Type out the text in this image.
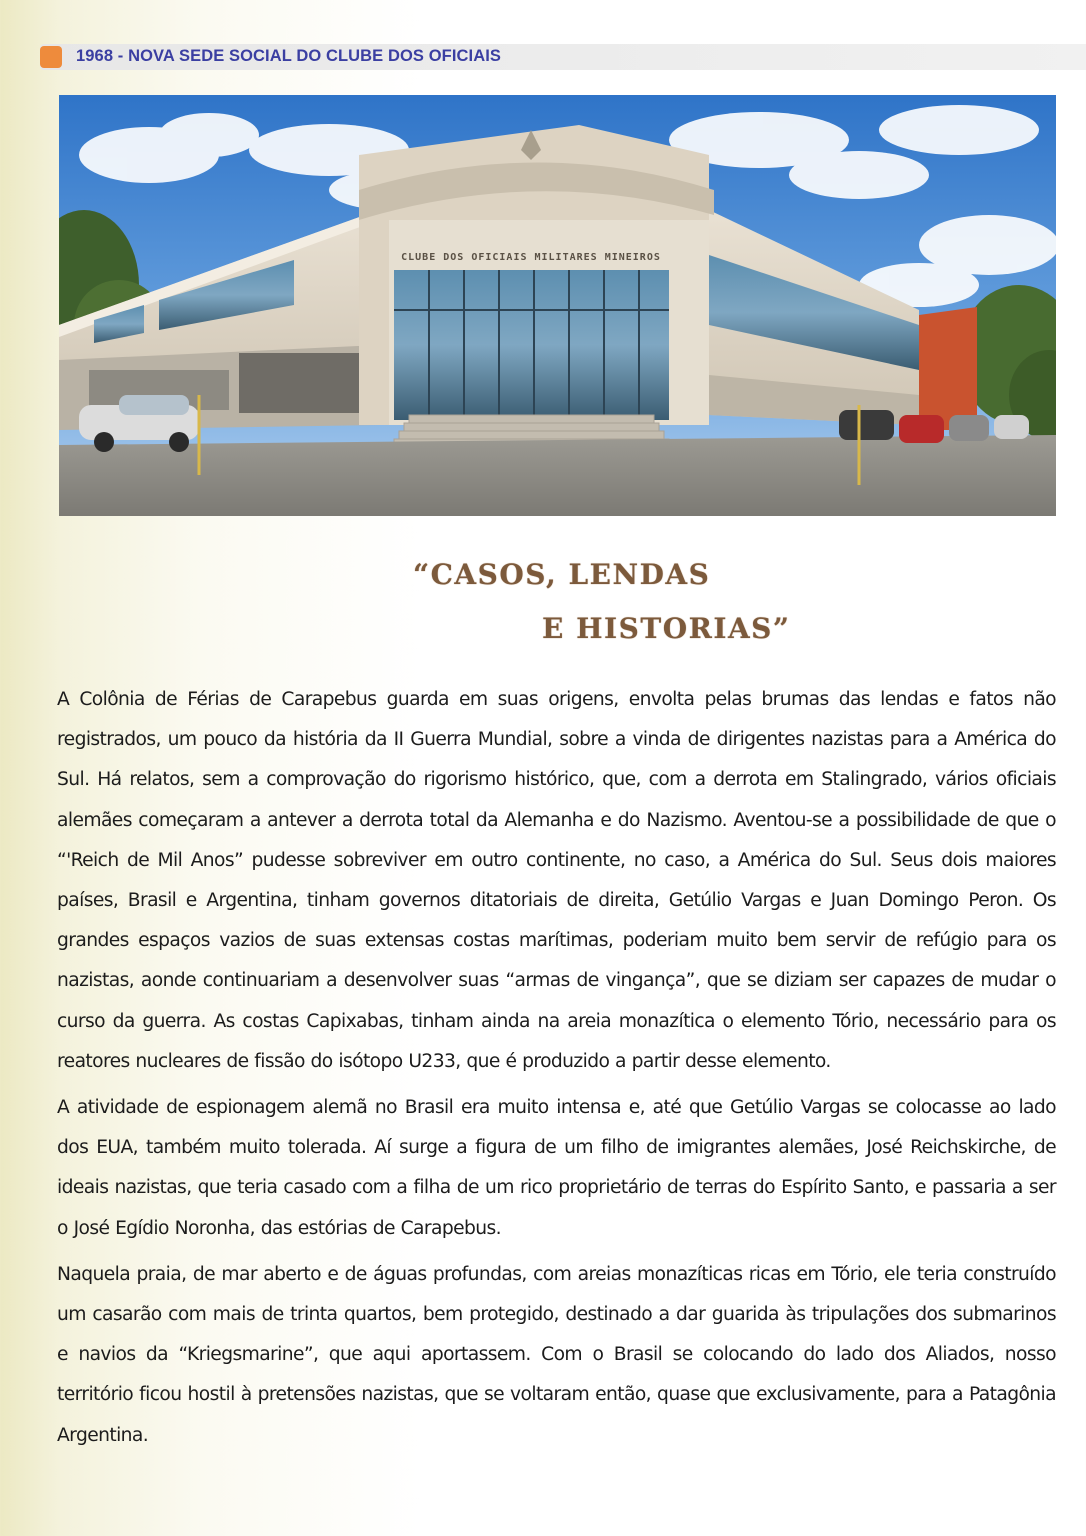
1968 - NOVA SEDE SOCIAL DO CLUBE DOS OFICIAIS
CLUBE DOS OFICIAIS MILITARES MINEIROS
“CASOS, LENDAS
E HISTORIAS”

A Colônia de Férias de Carapebus guarda em suas origens, envolta pelas brumas das lendas e fatos não registrados, um pouco da história da II Guerra Mundial, sobre a vinda de dirigentes nazistas para a América do Sul. Há relatos, sem a comprovação do rigorismo histórico, que, com a derrota em Stalingrado, vários oficiais alemães começaram a antever a derrota total da Alemanha e do Nazismo. Aventou-se a possibilidade de que o “'Reich de Mil Anos” pudesse sobreviver em outro continente, no caso, a América do Sul. Seus dois maiores países, Brasil e Argentina, tinham governos ditatoriais de direita, Getúlio Vargas e Juan Domingo Peron. Os grandes espaços vazios de suas extensas costas marítimas, poderiam muito bem servir de refúgio para os nazistas, aonde continuariam a desenvolver suas “armas de vingança”, que se diziam ser capazes de mudar o curso da guerra. As costas Capixabas, tinham ainda na areia monazítica o elemento Tório, necessário para os reatores nucleares de fissão do isótopo U233, que é produzido a partir desse elemento.

A atividade de espionagem alemã no Brasil era muito intensa e, até que Getúlio Vargas se colocasse ao lado dos EUA, também muito tolerada. Aí surge a figura de um filho de imigrantes alemães, José Reichskirche, de ideais nazistas, que teria casado com a filha de um rico proprietário de terras do Espírito Santo, e passaria a ser o José Egídio Noronha, das estórias de Carapebus.

Naquela praia, de mar aberto e de águas profundas, com areias monazíticas ricas em Tório, ele teria construído um casarão com mais de trinta quartos, bem protegido, destinado a dar guarida às tripulações dos submarinos e navios da “Kriegsmarine”, que aqui aportassem. Com o Brasil se colocando do lado dos Aliados, nosso território ficou hostil à pretensões nazistas, que se voltaram então, quase que exclusivamente, para a Patagônia Argentina.
